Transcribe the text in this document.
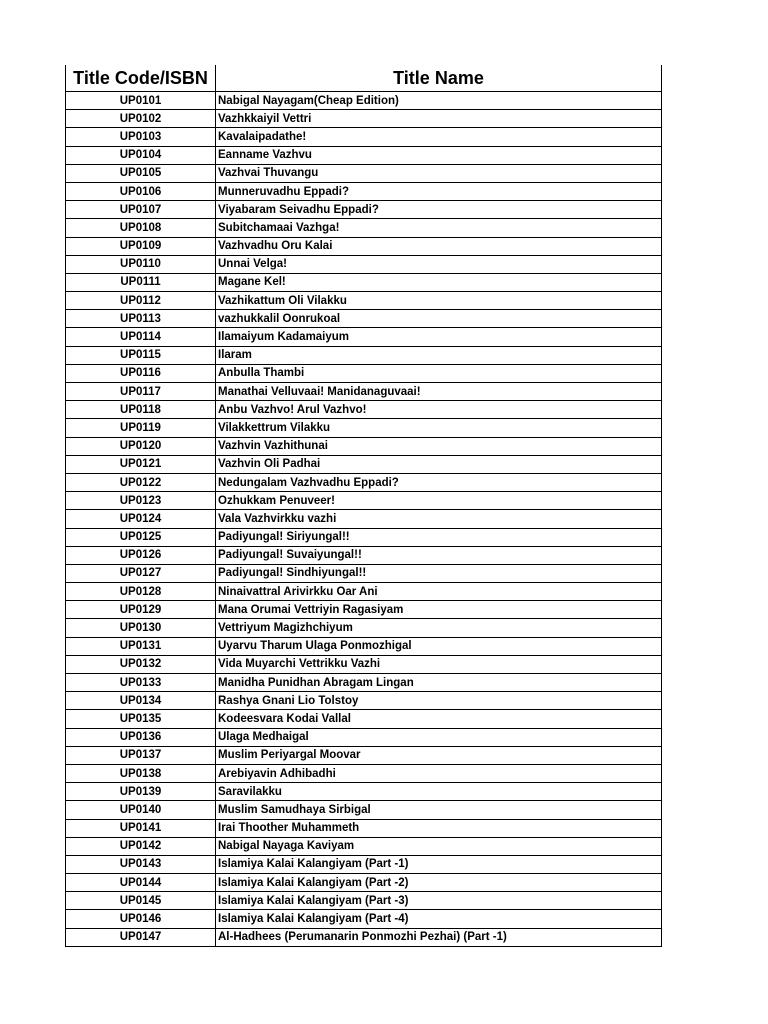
Title Code/ISBN	Title Name
UP0101	Nabigal Nayagam(Cheap Edition)
UP0102	Vazhkkaiyil Vettri
UP0103	Kavalaipadathe!
UP0104	Eanname Vazhvu
UP0105	Vazhvai Thuvangu
UP0106	Munneruvadhu Eppadi?
UP0107	Viyabaram Seivadhu Eppadi?
UP0108	Subitchamaai Vazhga!
UP0109	Vazhvadhu Oru Kalai
UP0110	Unnai Velga!
UP0111	Magane Kel!
UP0112	Vazhikattum Oli Vilakku
UP0113	vazhukkalil Oonrukoal
UP0114	Ilamaiyum Kadamaiyum
UP0115	Ilaram
UP0116	Anbulla Thambi
UP0117	Manathai Velluvaai! Manidanaguvaai!
UP0118	Anbu Vazhvo! Arul Vazhvo!
UP0119	Vilakkettrum Vilakku
UP0120	Vazhvin Vazhithunai
UP0121	Vazhvin Oli Padhai
UP0122	Nedungalam Vazhvadhu Eppadi?
UP0123	Ozhukkam Penuveer!
UP0124	Vala Vazhvirkku vazhi
UP0125	Padiyungal! Siriyungal!!
UP0126	Padiyungal! Suvaiyungal!!
UP0127	Padiyungal! Sindhiyungal!!
UP0128	Ninaivattral Arivirkku Oar Ani
UP0129	Mana Orumai Vettriyin Ragasiyam
UP0130	Vettriyum Magizhchiyum
UP0131	Uyarvu Tharum Ulaga Ponmozhigal
UP0132	Vida Muyarchi Vettrikku Vazhi
UP0133	Manidha Punidhan Abragam Lingan
UP0134	Rashya Gnani Lio Tolstoy
UP0135	Kodeesvara Kodai Vallal
UP0136	Ulaga Medhaigal
UP0137	Muslim Periyargal Moovar
UP0138	Arebiyavin Adhibadhi
UP0139	Saravilakku
UP0140	Muslim Samudhaya Sirbigal
UP0141	Irai Thoother Muhammeth
UP0142	Nabigal Nayaga Kaviyam
UP0143	Islamiya Kalai Kalangiyam (Part -1)
UP0144	Islamiya Kalai Kalangiyam (Part -2)
UP0145	Islamiya Kalai Kalangiyam (Part -3)
UP0146	Islamiya Kalai Kalangiyam (Part -4)
UP0147	Al-Hadhees (Perumanarin Ponmozhi Pezhai) (Part -1)
